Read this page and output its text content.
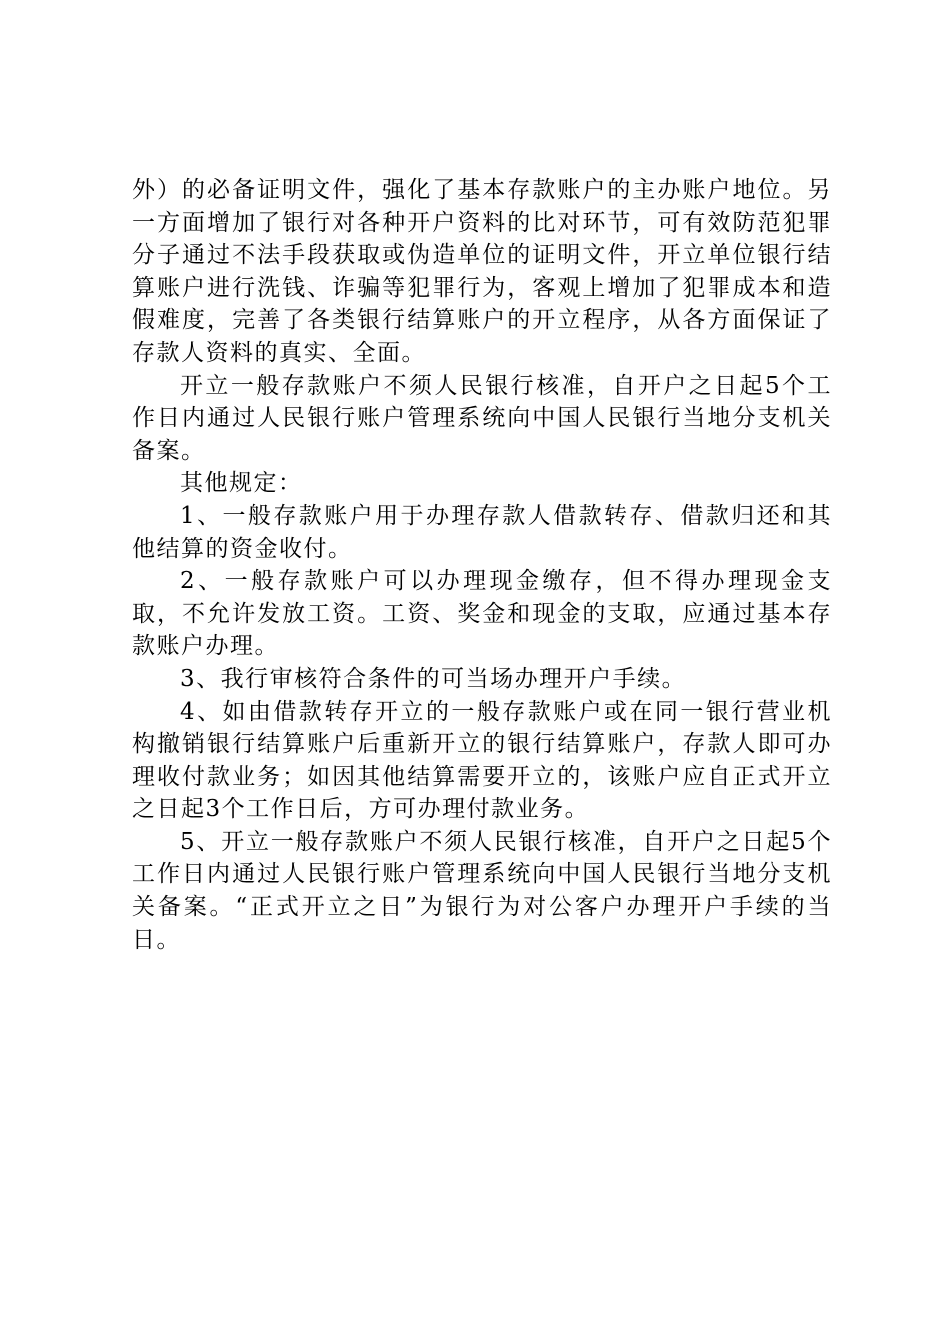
外）的必备证明文件，强化了基本存款账户的主办账户地位。另一方面增加了银行对各种开户资料的比对环节，可有效防范犯罪分子通过不法手段获取或伪造单位的证明文件，开立单位银行结算账户进行洗钱、诈骗等犯罪行为，客观上增加了犯罪成本和造假难度，完善了各类银行结算账户的开立程序，从各方面保证了存款人资料的真实、全面。

开立一般存款账户不须人民银行核准，自开户之日起5个工作日内通过人民银行账户管理系统向中国人民银行当地分支机关备案。

其他规定：

1、一般存款账户用于办理存款人借款转存、借款归还和其他结算的资金收付。

2、一般存款账户可以办理现金缴存，但不得办理现金支取，不允许发放工资。工资、奖金和现金的支取，应通过基本存款账户办理。

3、我行审核符合条件的可当场办理开户手续。

4、如由借款转存开立的一般存款账户或在同一银行营业机构撤销银行结算账户后重新开立的银行结算账户，存款人即可办理收付款业务；如因其他结算需要开立的，该账户应自正式开立之日起3个工作日后，方可办理付款业务。

5、开立一般存款账户不须人民银行核准，自开户之日起5个工作日内通过人民银行账户管理系统向中国人民银行当地分支机关备案。“正式开立之日”为银行为对公客户办理开户手续的当日。
